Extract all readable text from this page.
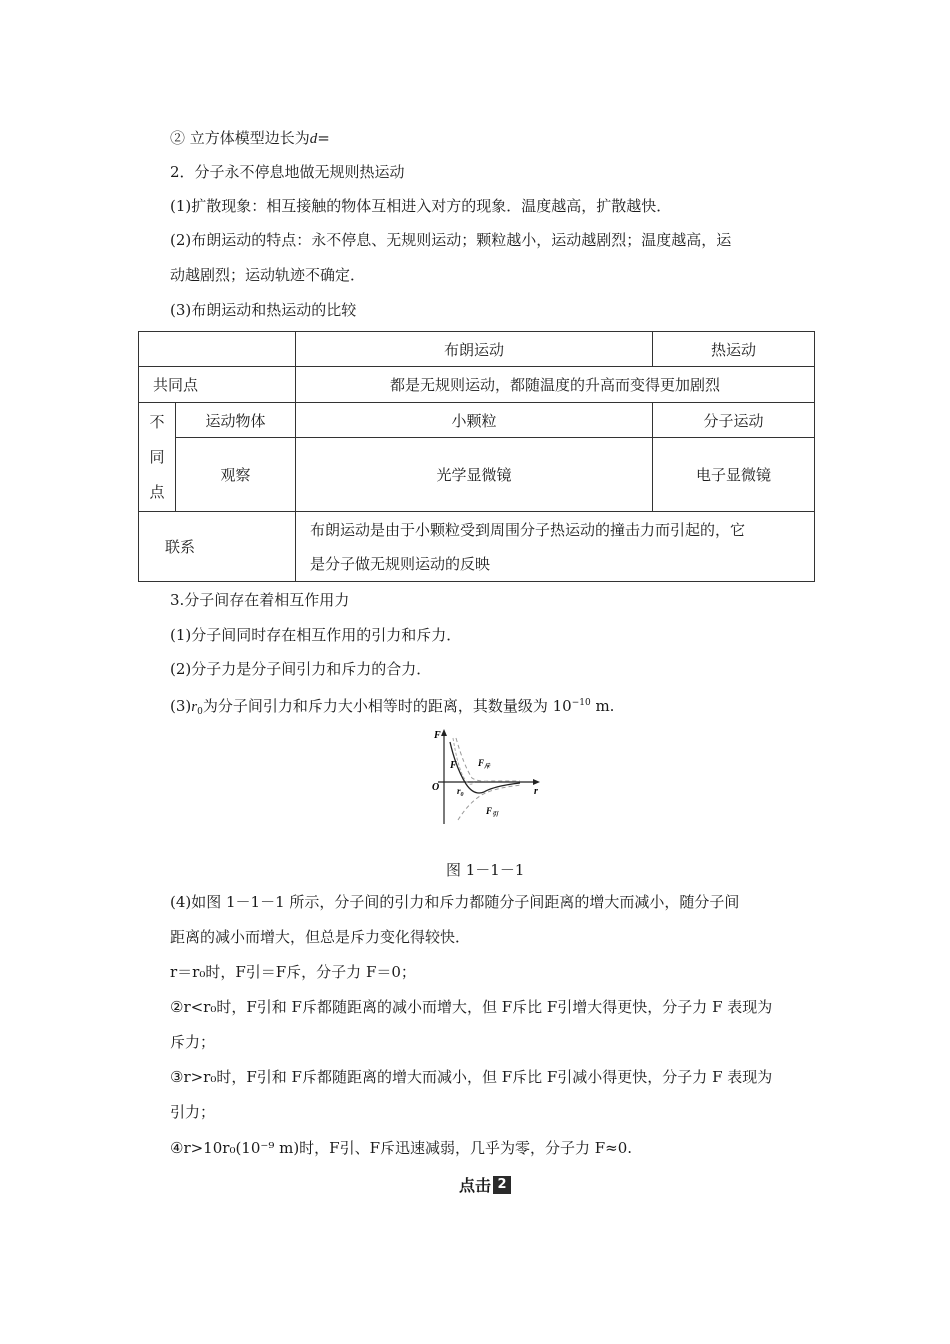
② 立方体模型边长为d=
2．分子永不停息地做无规则热运动
(1)扩散现象：相互接触的物体互相进入对方的现象．温度越高，扩散越快．
(2)布朗运动的特点：永不停息、无规则运动；颗粒越小，运动越剧烈；温度越高，运
动越剧烈；运动轨迹不确定．
(3)布朗运动和热运动的比较
		布朗运动	热运动
共同点		都是无规则运动，都随温度的升高而变得更加剧烈	
不
同
点	运动物体	小颗粒	分子运动
	观察	光学显微镜	电子显微镜
联系		布朗运动是由于小颗粒受到周围分子热运动的撞击力而引起的，它
是分子做无规则运动的反映	
3.分子间存在着相互作用力
(1)分子间同时存在相互作用的引力和斥力．
(2)分子力是分子间引力和斥力的合力．
$(3)r_0$为分子间引力和斥力大小相等时的距离，其数量级为 $10^{-10}$ m.
F
O	r
$r_0$
F $F_斥$
$F_引$
图 1－1－1
(4)如图 1－1－1 所示，分子间的引力和斥力都随分子间距离的增大而减小，随分子间
距离的减小而增大，但总是斥力变化得较快．
r＝r₀时，F引＝F斥，分子力 F＝0；
②r<r₀时，F引和 F斥都随距离的减小而增大，但 F斥比 F引增大得更快，分子力 F 表现为
斥力；
③r>r₀时，F引和 F斥都随距离的增大而减小，但 F斥比 F引减小得更快，分子力 F 表现为
引力；
④r>10r₀(10⁻⁹ m)时，F引、F斥迅速减弱，几乎为零，分子力 F≈0.
点击 2
